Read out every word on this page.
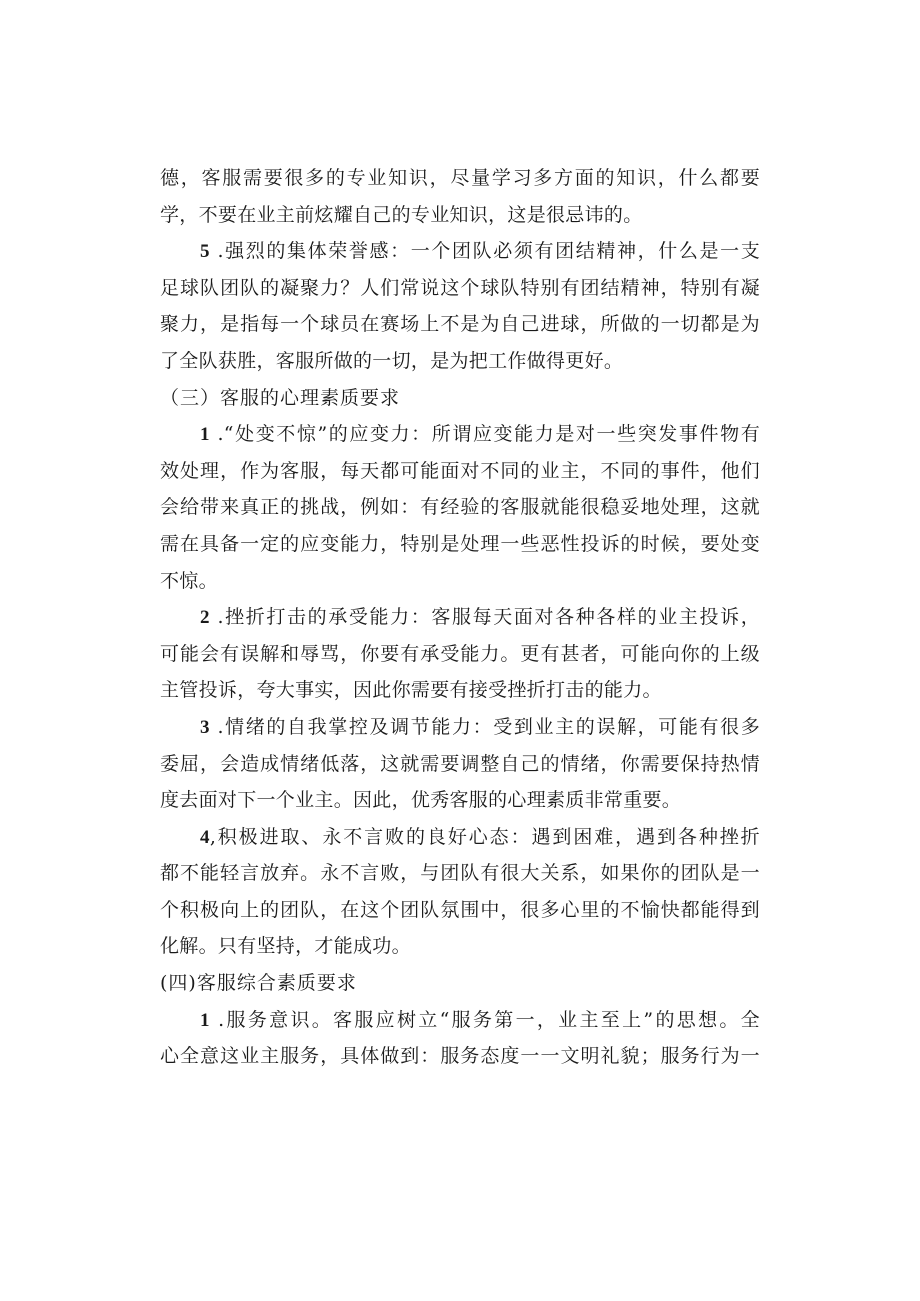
德，客服需要很多的专业知识，尽量学习多方面的知识，什么都要
学，不要在业主前炫耀自己的专业知识，这是很忌讳的。
5 .强烈的集体荣誉感：一个团队必须有团结精神，什么是一支
足球队团队的凝聚力？人们常说这个球队特别有团结精神，特别有凝
聚力，是指每一个球员在赛场上不是为自己进球，所做的一切都是为
了全队获胜，客服所做的一切，是为把工作做得更好。
（三）客服的心理素质要求
1 .“处变不惊”的应变力：所谓应变能力是对一些突发事件物有
效处理，作为客服，每天都可能面对不同的业主，不同的事件，他们
会给带来真正的挑战，例如：有经验的客服就能很稳妥地处理，这就
需在具备一定的应变能力，特别是处理一些恶性投诉的时候，要处变
不惊。
2 .挫折打击的承受能力：客服每天面对各种各样的业主投诉，
可能会有误解和辱骂，你要有承受能力。更有甚者，可能向你的上级
主管投诉，夸大事实，因此你需要有接受挫折打击的能力。
3 .情绪的自我掌控及调节能力：受到业主的误解，可能有很多
委屈，会造成情绪低落，这就需要调整自己的情绪，你需要保持热情
度去面对下一个业主。因此，优秀客服的心理素质非常重要。
4,积极进取、永不言败的良好心态：遇到困难，遇到各种挫折
都不能轻言放弃。永不言败，与团队有很大关系，如果你的团队是一
个积极向上的团队，在这个团队氛围中，很多心里的不愉快都能得到
化解。只有坚持，才能成功。
(四)客服综合素质要求
1 .服务意识。客服应树立“服务第一，业主至上”的思想。全
心全意这业主服务，具体做到：服务态度一一文明礼貌；服务行为一
